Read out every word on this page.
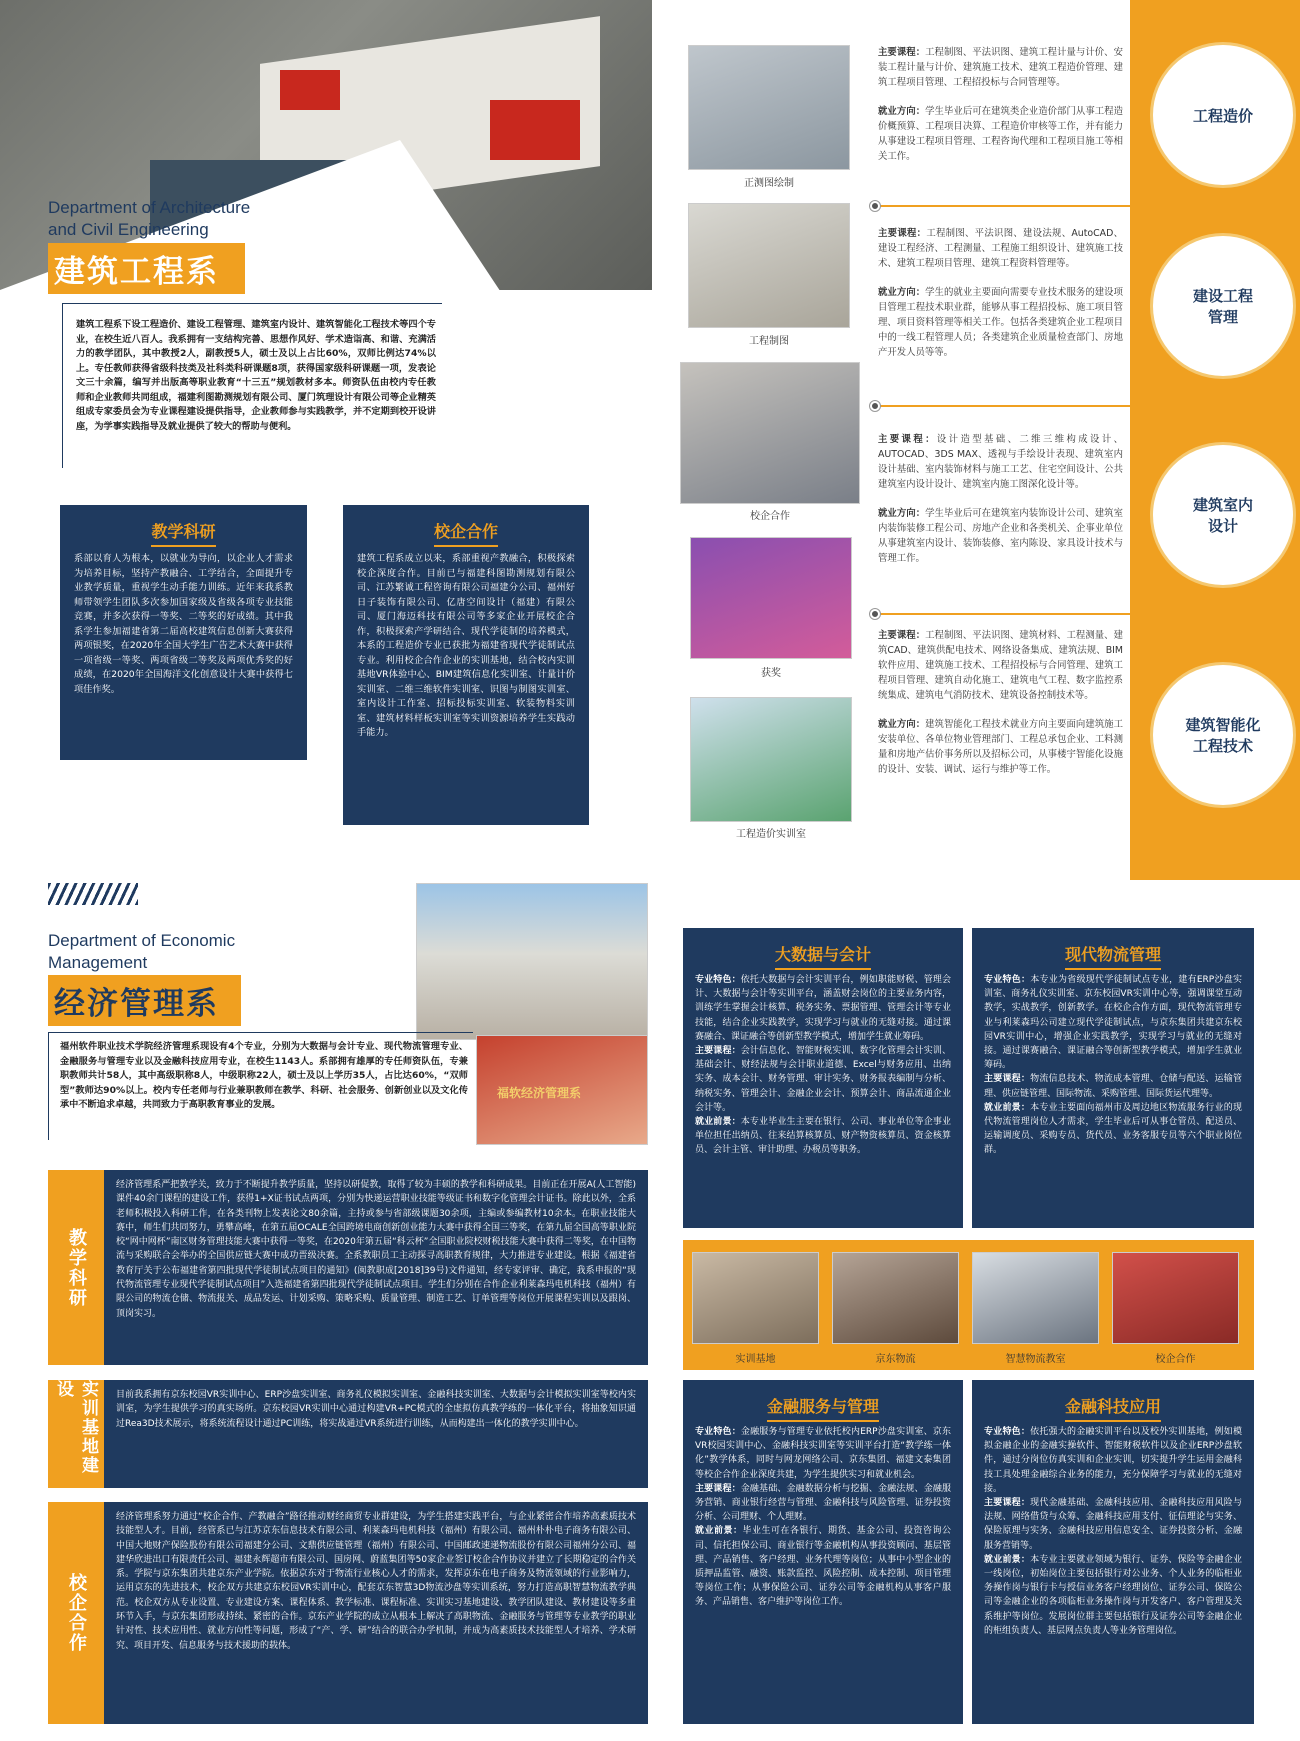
Department of Architecture
and Civil Engineering
建筑工程系
建筑工程系下设工程造价、建设工程管理、建筑室内设计、建筑智能化工程技术等四个专业，在校生近八百人。我系拥有一支结构完善、思想作风好、学术造诣高、和谐、充满活力的教学团队，其中教授2人，副教授5人，硕士及以上占比60%，双师比例达74%以上。专任教师获得省级科技类及社科类科研课题8项，获得国家级科研课题一项，发表论文三十余篇，编写并出版高等职业教育“十三五”规划教材多本。师资队伍由校内专任教师和企业教师共同组成，福建利图勘测规划有限公司、厦门筑理设计有限公司等企业精英组成专家委员会为专业课程建设提供指导，企业教师参与实践教学，并不定期到校开设讲座，为学事实践指导及就业提供了较大的帮助与便利。
教学科研
系部以育人为根本，以就业为导向，以企业人才需求为培养目标，坚持产教融合、工学结合，全面提升专业教学质量，重视学生动手能力训练。近年来我系教师带领学生团队多次参加国家级及省级各项专业技能竞赛，并多次获得一等奖、二等奖的好成绩。其中我系学生参加福建省第二届高校建筑信息创新大赛获得两项银奖，在2020年全国大学生广告艺术大赛中获得一项省级一等奖、两项省级二等奖及两项优秀奖的好成绩，在2020年全国海洋文化创意设计大赛中获得七项佳作奖。
校企合作
建筑工程系成立以来，系部重视产教融合，积极探索校企深度合作。目前已与福建科图勘测规划有限公司、江苏繁诚工程咨询有限公司福建分公司、福州好日子装饰有限公司、亿唐空间设计（福建）有限公司、厦门海迈科技有限公司等多家企业开展校企合作，积极探索产学研结合、现代学徒制的培养模式，本系的工程造价专业已获批为福建省现代学徒制试点专业。利用校企合作企业的实训基地，结合校内实训基地VR体验中心、BIM建筑信息化实训室、计量计价实训室、二维三维软件实训室、识图与制图实训室、室内设计工作室、招标投标实训室、软装物料实训室、建筑材料样板实训室等实训资源培养学生实践动手能力。
正测图绘制
工程制图
校企合作
获奖
工程造价实训室

主要课程：工程制图、平法识图、建筑工程计量与计价、安装工程计量与计价、建筑施工技术、建筑工程造价管理、建筑工程项目管理、工程招投标与合同管理等。

就业方向：学生毕业后可在建筑类企业造价部门从事工程造价概预算、工程项目决算、工程造价审核等工作，并有能力从事建设工程项目管理、工程咨询代理和工程项目施工等相关工作。

工程造价

主要课程：工程制图、平法识图、建设法规、AutoCAD、建设工程经济、工程测量、工程施工组织设计、建筑施工技术、建筑工程项目管理、建筑工程资料管理等。

就业方向：学生的就业主要面向需要专业技术服务的建设项目管理工程技术职业群，能够从事工程招投标、施工项目管理、项目资料管理等相关工作。包括各类建筑企业工程项目中的一线工程管理人员；各类建筑企业质量检查部门、房地产开发人员等等。

建设工程管理

主要课程：设计造型基础、二维三维构成设计、AUTOCAD、3DS MAX、透视与手绘设计表现、建筑室内设计基础、室内装饰材料与施工工艺、住宅空间设计、公共建筑室内设计设计、建筑室内施工图深化设计等。

就业方向：学生毕业后可在建筑室内装饰设计公司、建筑室内装饰装修工程公司、房地产企业和各类机关、企事业单位从事建筑室内设计、装饰装修、室内陈设、家具设计技术与管理工作。

建筑室内设计

主要课程：工程制图、平法识图、建筑材料、工程测量、建筑CAD、建筑供配电技术、网络设备集成、建筑法规、BIM软件应用、建筑施工技术、工程招投标与合同管理、建筑工程项目管理、建筑自动化施工、建筑电气工程、数字监控系统集成、建筑电气消防技术、建筑设备控制技术等。

就业方向：建筑智能化工程技术就业方向主要面向建筑施工安装单位、各单位物业管理部门、工程总承包企业、工料测量和房地产估价事务所以及招标公司，从事楼宇智能化设施的设计、安装、调试、运行与维护等工作。

建筑智能化工程技术
Department of Economic
Management
经济管理系
福软经济管理系
福州软件职业技术学院经济管理系现设有4个专业，分别为大数据与会计专业、现代物流管理专业、金融服务与管理专业以及金融科技应用专业，在校生1143人。系部拥有雄厚的专任师资队伍，专兼职教师共计58人，其中高级职称8人，中级职称22人，硕士及以上学历35人，占比达60%，“双师型”教师达90%以上。校内专任老师与行业兼职教师在教学、科研、社会服务、创新创业以及文化传承中不断追求卓越，共同致力于高职教育事业的发展。
教学科研
经济管理系严把教学关，致力于不断提升教学质量，坚持以研促教，取得了较为丰硕的教学和科研成果。目前正在开展A(人工智能)课件40余门课程的建设工作，获得1+X证书试点两项，分别为快递运营职业技能等级证书和数字化管理会计证书。除此以外，全系老师积极投入科研工作，在各类刊物上发表论文80余篇，主持或参与省部级课题30余项，主编或参编教材10余本。在职业技能大赛中，师生们共同努力，勇攀高峰，在第五届OCALE全国跨境电商创新创业能力大赛中获得全国三等奖，在第九届全国高等职业院校“网中网杯”南区财务管理技能大赛中获得一等奖，在2020年第五届“科云杯”全国职业院校财税技能大赛中获得二等奖，在中国物流与采购联合会举办的全国供应链大赛中成功晋级决赛。全系教职员工主动探寻高职教育规律，大力推进专业建设。根据《福建省教育厅关于公布福建省第四批现代学徒制试点项目的通知》(闽教职成[2018]39号)文件通知，经专家评审、确定，我系申报的“现代物流管理专业现代学徒制试点项目”入选福建省第四批现代学徒制试点项目。学生们分别在合作企业利莱森玛电机科技（福州）有限公司的物流仓储、物流报关、成品发运、计划采购、策略采购、质量管理、制造工艺、订单管理等岗位开展课程实训以及跟岗、顶岗实习。
实训基地建设	目前我系拥有京东校园VR实训中心、ERP沙盘实训室、商务礼仪模拟实训室、金融科技实训室、大数据与会计模拟实训室等校内实训室，为学生提供学习的真实场所。京东校园VR实训中心通过构建VR+PC模式的全虚拟仿真教学练的一体化平台，将抽象知识通过Rea3D技术展示，将系统流程设计通过PC训练，将实战通过VR系统进行训练，从而构建出一体化的教学实训中心。
校企合作
经济管理系努力通过“校企合作、产教融合”路径推动财经商贸专业群建设，为学生搭建实践平台，与企业紧密合作培养高素质技术技能型人才。目前，经管系已与江苏京东信息技术有限公司、利莱森玛电机科技（福州）有限公司、福州朴朴电子商务有限公司、中国大地财产保险股份有限公司福建分公司、文鼎供应链管理（福州）有限公司、中国邮政速递物流股份有限公司福州分公司、福建华欣进出口有限责任公司、福建永辉超市有限公司、国房网、蔚蓝集团等50家企业签订校企合作协议并建立了长期稳定的合作关系。学院与京东集团共建京东产业学院。依据京东对于物流行业核心人才的需求，发挥京东在电子商务及物流领域的行业影响力，运用京东的先进技术，校企双方共建京东校园VR实训中心，配套京东智慧3D物流沙盘等实训系统，努力打造高职智慧物流教学典范。校企双方从专业设置、专业建设方案、课程体系、教学标准、课程标准、实训实习基地建设、教学团队建设、教材建设等多重环节入手，与京东集团形成持续、紧密的合作。京东产业学院的成立从根本上解决了高职物流、金融服务与管理等专业教学的职业针对性、技术应用性、就业方向性等问题，形成了“产、学、研”结合的联合办学机制，并成为高素质技术技能型人才培养、学术研究、项目开发、信息服务与技术援助的载体。
大数据与会计

专业特色：依托大数据与会计实训平台，例如职能财税、管理会计、大数据与会计等实训平台，涵盖财会岗位的主要业务内容，训练学生掌握会计核算、税务实务、票据管理、管理会计等专业技能，结合企业实践教学，实现学习与就业的无缝对接。通过课赛融合、课证融合等创新型教学模式，增加学生就业筹码。

主要课程：会计信息化、智能财税实训、数字化管理会计实训、基础会计、财经法规与会计职业道德、Excel与财务应用、出纳实务、成本会计、财务管理、审计实务、财务报表编制与分析、纳税实务、管理会计、金融企业会计、预算会计、商品流通企业会计等。

就业前景：本专业毕业生主要在银行、公司、事业单位等企事业单位担任出纳员、往来结算核算员、财产物资核算员、资金核算员、会计主管、审计助理、办税员等职务。

现代物流管理

专业特色：本专业为省级现代学徒制试点专业，建有ERP沙盘实训室、商务礼仪实训室、京东校园VR实训中心等，强调课堂互动教学，实战教学，创新教学。在校企合作方面，现代物流管理专业与利莱森玛公司建立现代学徒制试点，与京东集团共建京东校园VR实训中心，增强企业实践教学，实现学习与就业的无缝对接。通过课赛融合、课证融合等创新型教学模式，增加学生就业筹码。

主要课程：物流信息技术、物流成本管理、仓储与配送、运输管理、供应链管理、国际物流、采购管理、国际货运代理等。

就业前景：本专业主要面向福州市及周边地区物流服务行业的现代物流管理岗位人才需求，学生毕业后可从事仓管员、配送员、运输调度员、采购专员、货代员、业务客服专员等六个职业岗位群。

实训基地	京东物流	智慧物流教室	校企合作
金融服务与管理

专业特色：金融服务与管理专业依托校内ERP沙盘实训室、京东VR校园实训中心、金融科技实训室等实训平台打造“教学练一体化”教学体系，同时与网龙网络公司、京东集团、福建文泰集团等校企合作企业深度共建，为学生提供实习和就业机会。

主要课程：金融基础、金融数据分析与挖掘、金融法规、金融服务营销、商业银行经营与管理、金融科技与风险管理、证券投资分析、公司理财、个人理财。

就业前景：毕业生可在各银行、期货、基金公司、投资咨询公司、信托担保公司、商业银行等金融机构从事投资顾问、基层管理、产品销售、客户经理、业务代理等岗位；从事中小型企业的质押品监管、融资、账款监控、风险控制、成本控制、项目管理等岗位工作；从事保险公司、证券公司等金融机构从事客户服务、产品销售、客户维护等岗位工作。

金融科技应用

专业特色：依托强大的金融实训平台以及校外实训基地，例如模拟金融企业的金融实操软件、智能财税软件以及企业ERP沙盘软件，通过分岗位仿真实训和企业实训，切实提升学生运用金融科技工具处理金融综合业务的能力，充分保障学习与就业的无缝对接。

主要课程：现代金融基础、金融科技应用、金融科技应用风险与法规、网络借贷与众筹、金融科技应用支付、征信理论与实务、保险原理与实务、金融科技应用信息安全、证券投资分析、金融服务营销等。

就业前景：本专业主要就业领域为银行、证券、保险等金融企业一线岗位，初始岗位主要包括银行对公业务、个人业务的临柜业务操作岗与银行卡与授信业务客户经理岗位、证券公司、保险公司等金融企业的各项临柜业务操作岗与开发客户、客户管理及关系维护等岗位。发展岗位群主要包括银行及证券公司等金融企业的柜组负责人、基层网点负责人等业务管理岗位。
